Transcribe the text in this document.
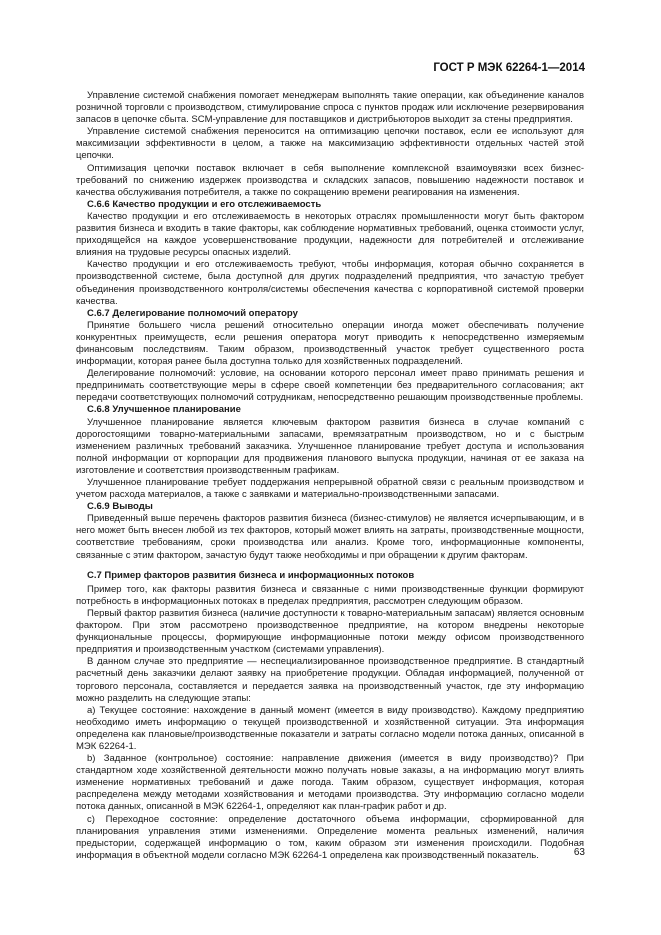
ГОСТ Р МЭК 62264-1—2014

Управление системой снабжения помогает менеджерам выполнять такие операции, как объединение канaлов розничной торговли с производством, стимулирование спроса с пунктов продаж или исключение резервирования запасов в цепочке сбыта. SCM-управление для поставщиков и дистрибьюторов выходит за стены предприятия.

Управление системой снабжения переносится на оптимизацию цепочки поставок, если ее используют для максимизации эффективности в целом, а также на максимизацию эффективности отдельных частей этой цепочки.

Оптимизация цепочки поставок включает в себя выполнение комплексной взаимоувязки всех бизнес-требований по снижению издержек производства и складских запасов, повышению надежности поставок и качества обслуживания потребителя, а также по сокращению времени реагирования на изменения.

С.6.6 Качество продукции и его отслеживаемость

Качество продукции и его отслеживаемость в некоторых отраслях промышленности могут быть фактором развития бизнеса и входить в такие факторы, как соблюдение нормативных требований, оценка стоимости услуг, приходящейся на каждое усовершенствование продукции, надежности для потребителей и отслеживание влияния на трудовые ресурсы опасных изделий.

Качество продукции и его отслеживаемость требуют, чтобы информация, которая обычно сохраняется в производственной системе, была доступной для других подразделений предприятия, что зачастую требует объединения производственного контроля/системы обеспечения качества с корпоративной системой проверки качества.

С.6.7 Делегирование полномочий оператору

Принятие большего числа решений относительно операции иногда может обеспечивать получение конкурентных преимуществ, если решения оператора могут приводить к непосредственно измеряемым финансовым последствиям. Таким образом, производственный участок требует существенного роста информации, которая ранее была доступна только для хозяйственных подразделений.

Делегирование полномочий: условие, на основании которого персонал имеет право принимать решения и предпринимать соответствующие меры в сфере своей компетенции без предварительного согласования; акт передачи соответствующих полномочий сотрудникам, непосредственно решающим производственные проблемы.

С.6.8 Улучшенное планирование

Улучшенное планирование является ключевым фактором развития бизнеса в случае компаний с дорогостоящими товарно-материальными запасами, времязатратным производством, но и с быстрым изменением различных требований заказчика. Улучшенное планирование требует доступа и использования полной информации от корпорации для продвижения планового выпуска продукции, начиная от ее заказа на изготовление и соответствия производственным графикам.

Улучшенное планирование требует поддержания непрерывной обратной связи с реальным производством и учетом расхода материалов, а также с заявками и материально-производственными запасами.

С.6.9 Выводы

Приведенный выше перечень факторов развития бизнеса (бизнес-стимулов) не является исчерпывающим, и в него может быть внесен любой из тех факторов, который может влиять на затраты, производственные мощности, соответствие требованиям, сроки производства или анализ. Кроме того, информационные компоненты, связанные с этим фактором, зачастую будут также необходимы и при обращении к другим факторам.

С.7 Пример факторов развития бизнеса и информационных потоков

Пример того, как факторы развития бизнеса и связанные с ними производственные функции формируют потребность в информационных потоках в пределах предприятия, рассмотрен следующим образом.

Первый фактор развития бизнеса (наличие доступности к товарно-материальным запасам) является основным фактором. При этом рассмотрено производственное предприятие, на котором внедрены некоторые функциональные процессы, формирующие информационные потоки между офисом производственного предприятия и производственным участком (системами управления).

В данном случае это предприятие — неспециализированное производственное предприятие. В стандартный расчетный день заказчики делают заявку на приобретение продукции. Обладая информацией, полученной от торгового персонала, составляется и передается заявка на производственный участок, где эту информацию можно разделить на следующие этапы:

a) Текущее состояние: нахождение в данный момент (имеется в виду производство). Каждому предприятию необходимо иметь информацию о текущей производственной и хозяйственной ситуации. Эта информация определена как плановые/производственные показатели и затраты согласно модели потока данных, описанной в МЭК 62264-1.

b) Заданное (контрольное) состояние: направление движения (имеется в виду производство)? При стандартном ходе хозяйственной деятельности можно получать новые заказы, а на информацию могут влиять изменение нормативных требований и даже погода. Таким образом, существует информация, которая распределена между методами хозяйствования и методами производства. Эту информацию согласно модели потока данных, описанной в МЭК 62264-1, определяют как план-график работ и др.

c) Переходное состояние: определение достаточного объема информации, сформированной для планирования управления этими изменениями. Определение момента реальных изменений, наличия предыстории, содержащей информацию о том, каким образом эти изменения происходили. Подобная информация в объектной модели согласно МЭК 62264-1 определена как производственный показатель.	63
